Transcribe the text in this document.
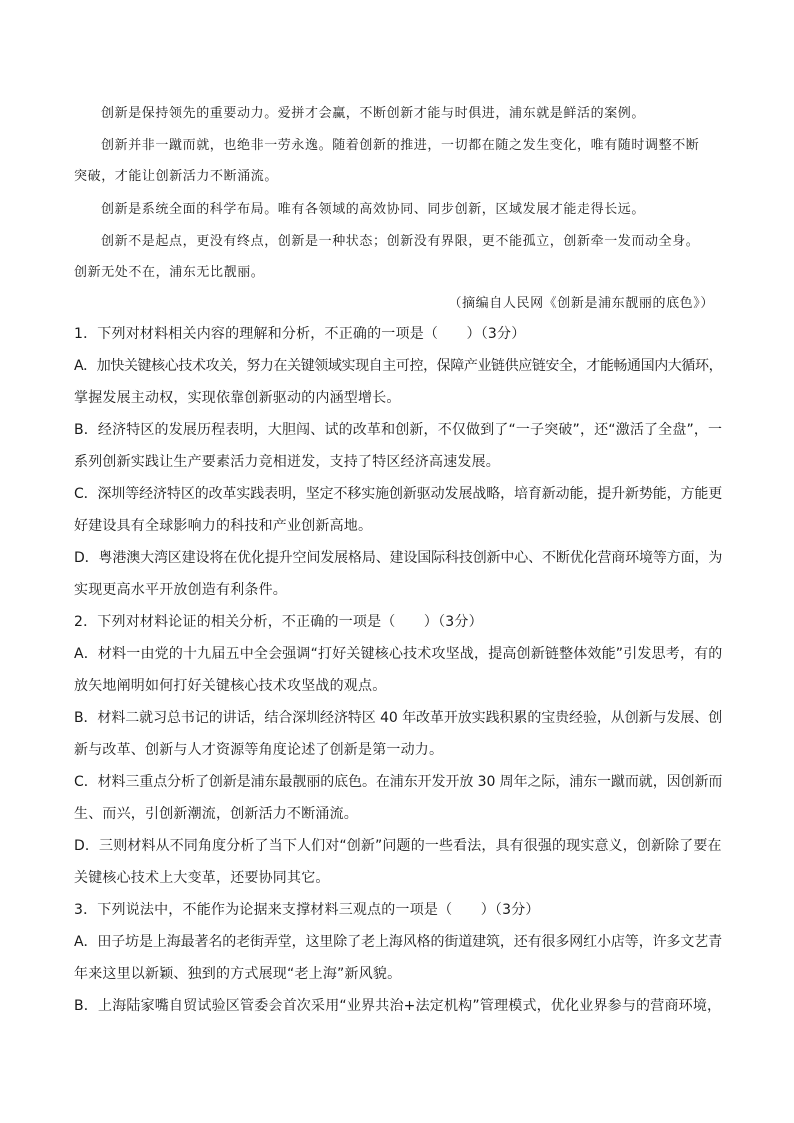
创新是保持领先的重要动力。爱拼才会赢，不断创新才能与时俱进，浦东就是鲜活的案例。
创新并非一蹴而就，也绝非一劳永逸。随着创新的推进，一切都在随之发生变化，唯有随时调整不断
突破，才能让创新活力不断涌流。
创新是系统全面的科学布局。唯有各领域的高效协同、同步创新，区域发展才能走得长远。
创新不是起点，更没有终点，创新是一种状态；创新没有界限，更不能孤立，创新牵一发而动全身。
创新无处不在，浦东无比靓丽。
（摘编自人民网《创新是浦东靓丽的底色》）
1．下列对材料相关内容的理解和分析，不正确的一项是（　　）（3分）
A．加快关键核心技术攻关，努力在关键领域实现自主可控，保障产业链供应链安全，才能畅通国内大循环，
掌握发展主动权，实现依靠创新驱动的内涵型增长。
B．经济特区的发展历程表明，大胆闯、试的改革和创新，不仅做到了“一子突破”，还“激活了全盘”，一
系列创新实践让生产要素活力竞相迸发，支持了特区经济高速发展。
C．深圳等经济特区的改革实践表明，坚定不移实施创新驱动发展战略，培育新动能，提升新势能，方能更
好建设具有全球影响力的科技和产业创新高地。
D．粤港澳大湾区建设将在优化提升空间发展格局、建设国际科技创新中心、不断优化营商环境等方面，为
实现更高水平开放创造有利条件。
2．下列对材料论证的相关分析，不正确的一项是（　　）（3分）
A．材料一由党的十九届五中全会强调“打好关键核心技术攻坚战，提高创新链整体效能”引发思考，有的
放矢地阐明如何打好关键核心技术攻坚战的观点。
B．材料二就习总书记的讲话，结合深圳经济特区 40 年改革开放实践积累的宝贵经验，从创新与发展、创
新与改革、创新与人才资源等角度论述了创新是第一动力。
C．材料三重点分析了创新是浦东最靓丽的底色。在浦东开发开放 30 周年之际，浦东一蹴而就，因创新而
生、而兴，引创新潮流，创新活力不断涌流。
D．三则材料从不同角度分析了当下人们对“创新”问题的一些看法，具有很强的现实意义，创新除了要在
关键核心技术上大变革，还要协同其它。
3．下列说法中，不能作为论据来支撑材料三观点的一项是（　　）（3分）
A．田子坊是上海最著名的老街弄堂，这里除了老上海风格的街道建筑，还有很多网红小店等，许多文艺青
年来这里以新颖、独到的方式展现“老上海”新风貌。
B．上海陆家嘴自贸试验区管委会首次采用“业界共治+法定机构”管理模式，优化业界参与的营商环境，
